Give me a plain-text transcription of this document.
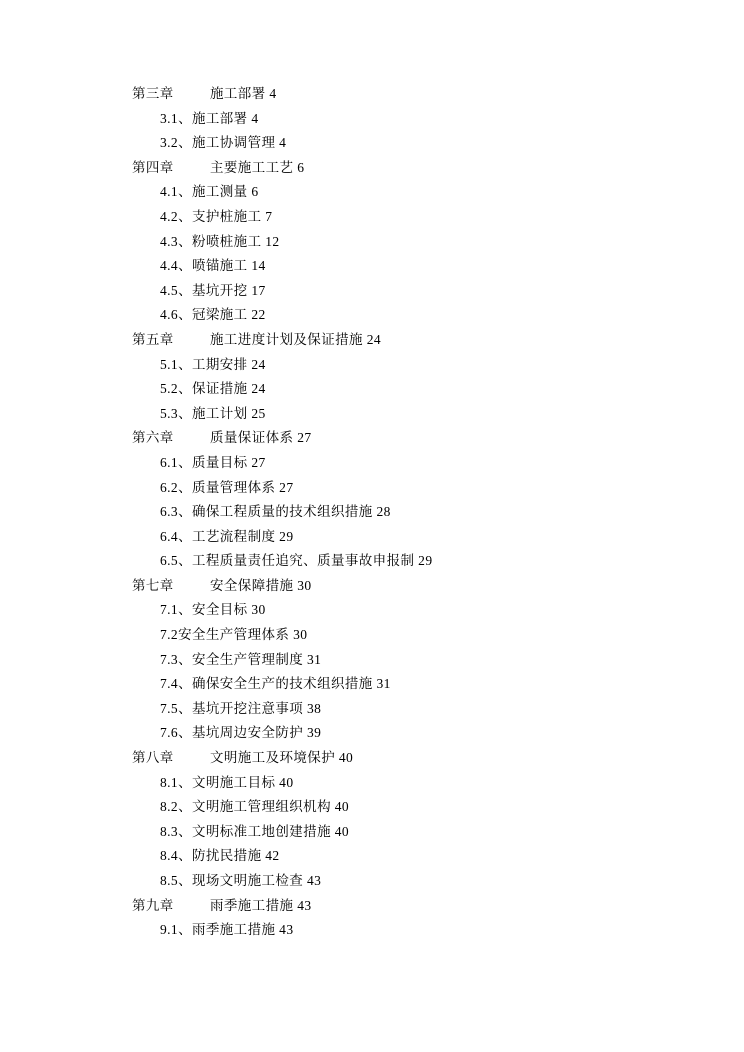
第三章	施工部署 4
3.1、施工部署 4
3.2、施工协调管理 4
第四章	主要施工工艺 6
4.1、施工测量 6
4.2、支护桩施工 7
4.3、粉喷桩施工 12
4.4、喷锚施工 14
4.5、基坑开挖 17
4.6、冠梁施工 22
第五章	施工进度计划及保证措施 24
5.1、工期安排 24
5.2、保证措施 24
5.3、施工计划 25
第六章	质量保证体系 27
6.1、质量目标 27
6.2、质量管理体系 27
6.3、确保工程质量的技术组织措施 28
6.4、工艺流程制度 29
6.5、工程质量责任追究、质量事故申报制 29
第七章	安全保障措施 30
7.1、安全目标 30
7.2安全生产管理体系 30
7.3、安全生产管理制度 31
7.4、确保安全生产的技术组织措施 31
7.5、基坑开挖注意事项 38
7.6、基坑周边安全防护 39
第八章	文明施工及环境保护 40
8.1、文明施工目标 40
8.2、文明施工管理组织机构 40
8.3、文明标准工地创建措施 40
8.4、防扰民措施 42
8.5、现场文明施工检查 43
第九章	雨季施工措施 43
9.1、雨季施工措施 43
